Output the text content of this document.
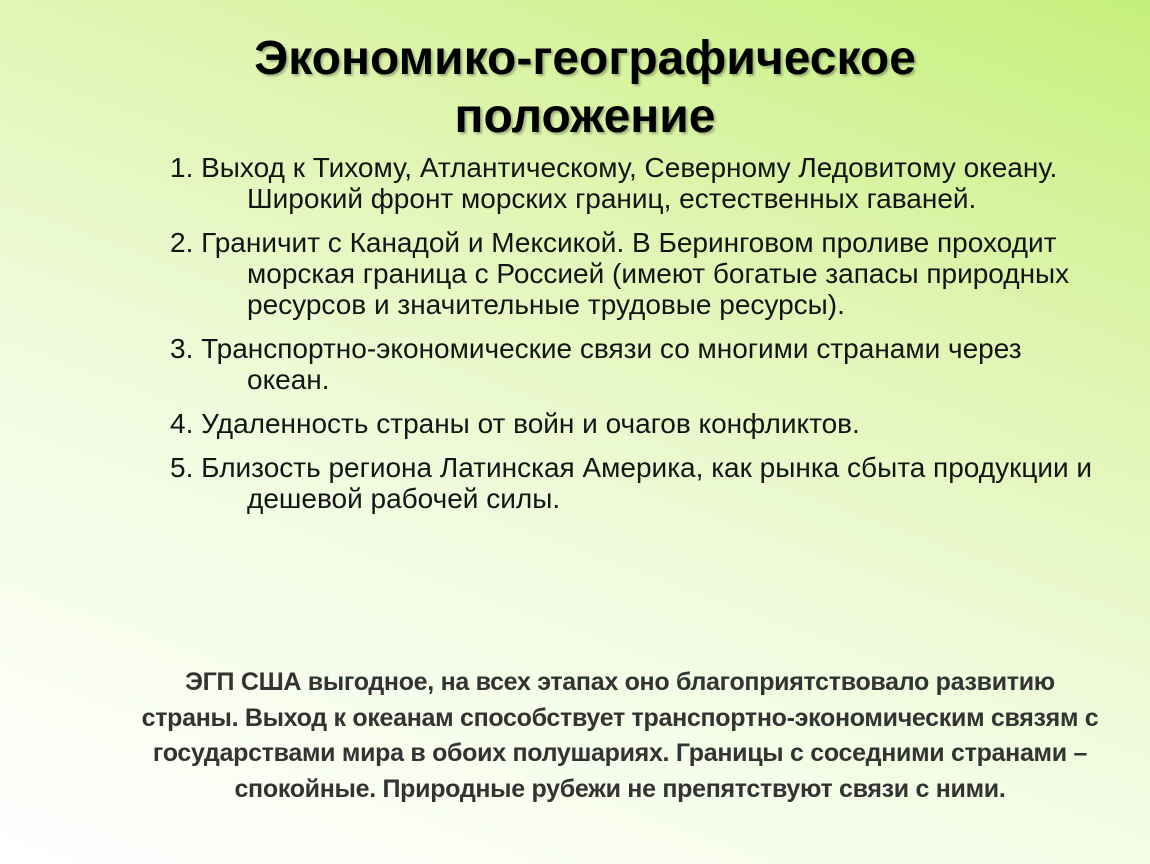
Экономико-географическое
положение
1. Выход к Тихому, Атлантическому, Северному Ледовитому океану. Широкий фронт морских границ, естественных гаваней.
2. Граничит с Канадой и Мексикой. В Беринговом проливе проходит морская граница с Россией (имеют богатые запасы природных ресурсов и значительные трудовые ресурсы).
3. Транспортно-экономические связи со многими странами через океан.
4. Удаленность страны от войн и очагов конфликтов.
5. Близость региона Латинская Америка, как рынка сбыта продукции и дешевой рабочей силы.

ЭГП США выгодное, на всех этапах оно благоприятствовало развитию страны. Выход к океанам способствует транспортно-экономическим связям с государствами мира в обоих полушариях. Границы с соседними странами – спокойные. Природные рубежи не препятствуют связи с ними.
